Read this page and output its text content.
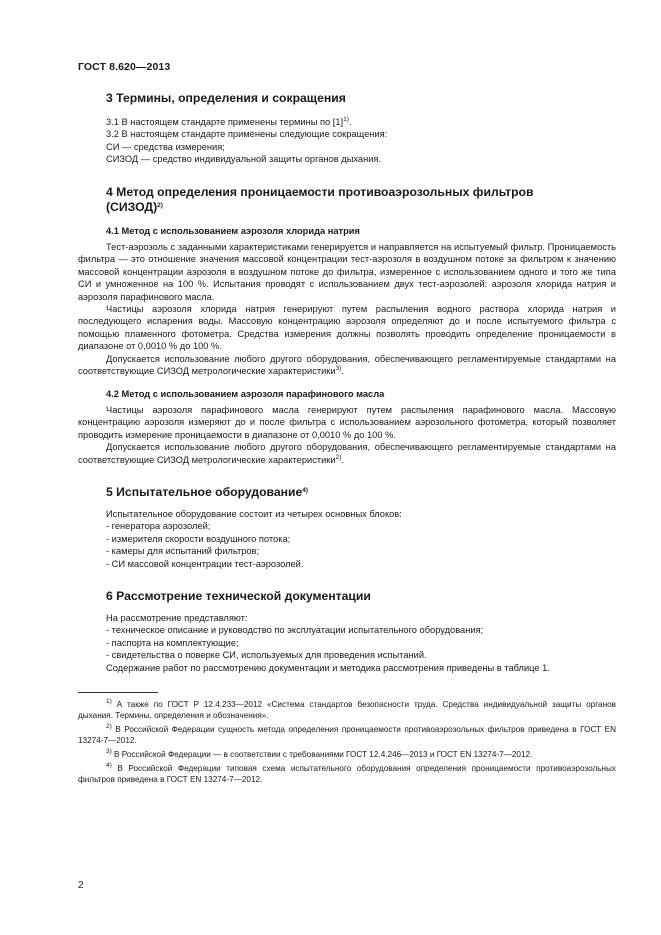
ГОСТ 8.620—2013
3 Термины, определения и сокращения

3.1 В настоящем стандарте применены термины по $[1]^{1)}$.

3.2 В настоящем стандарте применены следующие сокращения:

СИ — средства измерения;

СИЗОД — средство индивидуальной защиты органов дыхания.

4 Метод определения проницаемости противоаэрозольных фильтров
(СИЗОД)$^{2)}$
4.1 Метод с использованием аэрозоля хлорида натрия

Тест-аэрозоль с заданными характеристиками генерируется и направляется на испытуемый фильтр. Проницаемость фильтра — это отношение значения массовой концентрации тест-аэрозоля в воздушном потоке за фильтром к значению массовой концентрации аэрозоля в воздушном потоке до фильтра, измеренное с использованием одного и того же типа СИ и умноженное на 100 %. Испытания проводят с использованием двух тест-аэрозолей: аэрозоля хлорида натрия и аэрозоля парафинового масла.

Частицы аэрозоля хлорида натрия генерируют путем распыления водного раствора хлорида натрия и последующего испарения воды. Массовую концентрацию аэрозоля определяют до и после испытуемого фильтра с помощью пламенного фотометра. Средства измерения должны позволять проводить определение проницаемости в диапазоне от 0,0010 % до 100 %.

Допускается использование любого другого оборудования, обеспечивающего регламентируемые стандартами на соответствующие СИЗОД метрологические характеристики$^{3)}$.

4.2 Метод с использованием аэрозоля парафинового масла

Частицы аэрозоля парафинового масла генерируют путем распыления парафинового масла. Массовую концентрацию аэрозоля измеряют до и после фильтра с использованием аэрозольного фотометра, который позволяет проводить измерение проницаемости в диапазоне от 0,0010 % до 100 %.

Допускается использование любого другого оборудования, обеспечивающего регламентируемые стандартами на соответствующие СИЗОД метрологические характеристики$^{2)}$.

5 Испытательное оборудование$^{4)}$

Испытательное оборудование состоит из четырех основных блоков:

- генератора аэрозолей;

- измерителя скорости воздушного потока;

- камеры для испытаний фильтров;

- СИ массовой концентрации тест-аэрозолей.

6 Рассмотрение технической документации

На рассмотрение представляют:

- техническое описание и руководство по эксплуатации испытательного оборудования;

- паспорта на комплектующие;

- свидетельства о поверке СИ, используемых для проведения испытаний.

Содержание работ по рассмотрению документации и методика рассмотрения приведены в таблице 1.

$^{1)}$ А также по ГОСТ Р 12.4.233—2012 «Система стандартов безопасности труда. Средства индивидуальной защиты органов дыхания. Термины, определения и обозначения».

$^{2)}$ В Российской Федерации сущность метода определения проницаемости противоаэрозольных фильтров приведена в ГОСТ EN 13274-7—2012.

$^{3)}$ В Российской Федерации — в соответствии с требованиями ГОСТ 12.4.246—2013 и ГОСТ EN 13274-7—2012.

$^{4)}$ В Российской Федерации типовая схема испытательного оборудования определения проницаемости противоаэрозольных фильтров приведена в ГОСТ EN 13274-7—2012.

2
